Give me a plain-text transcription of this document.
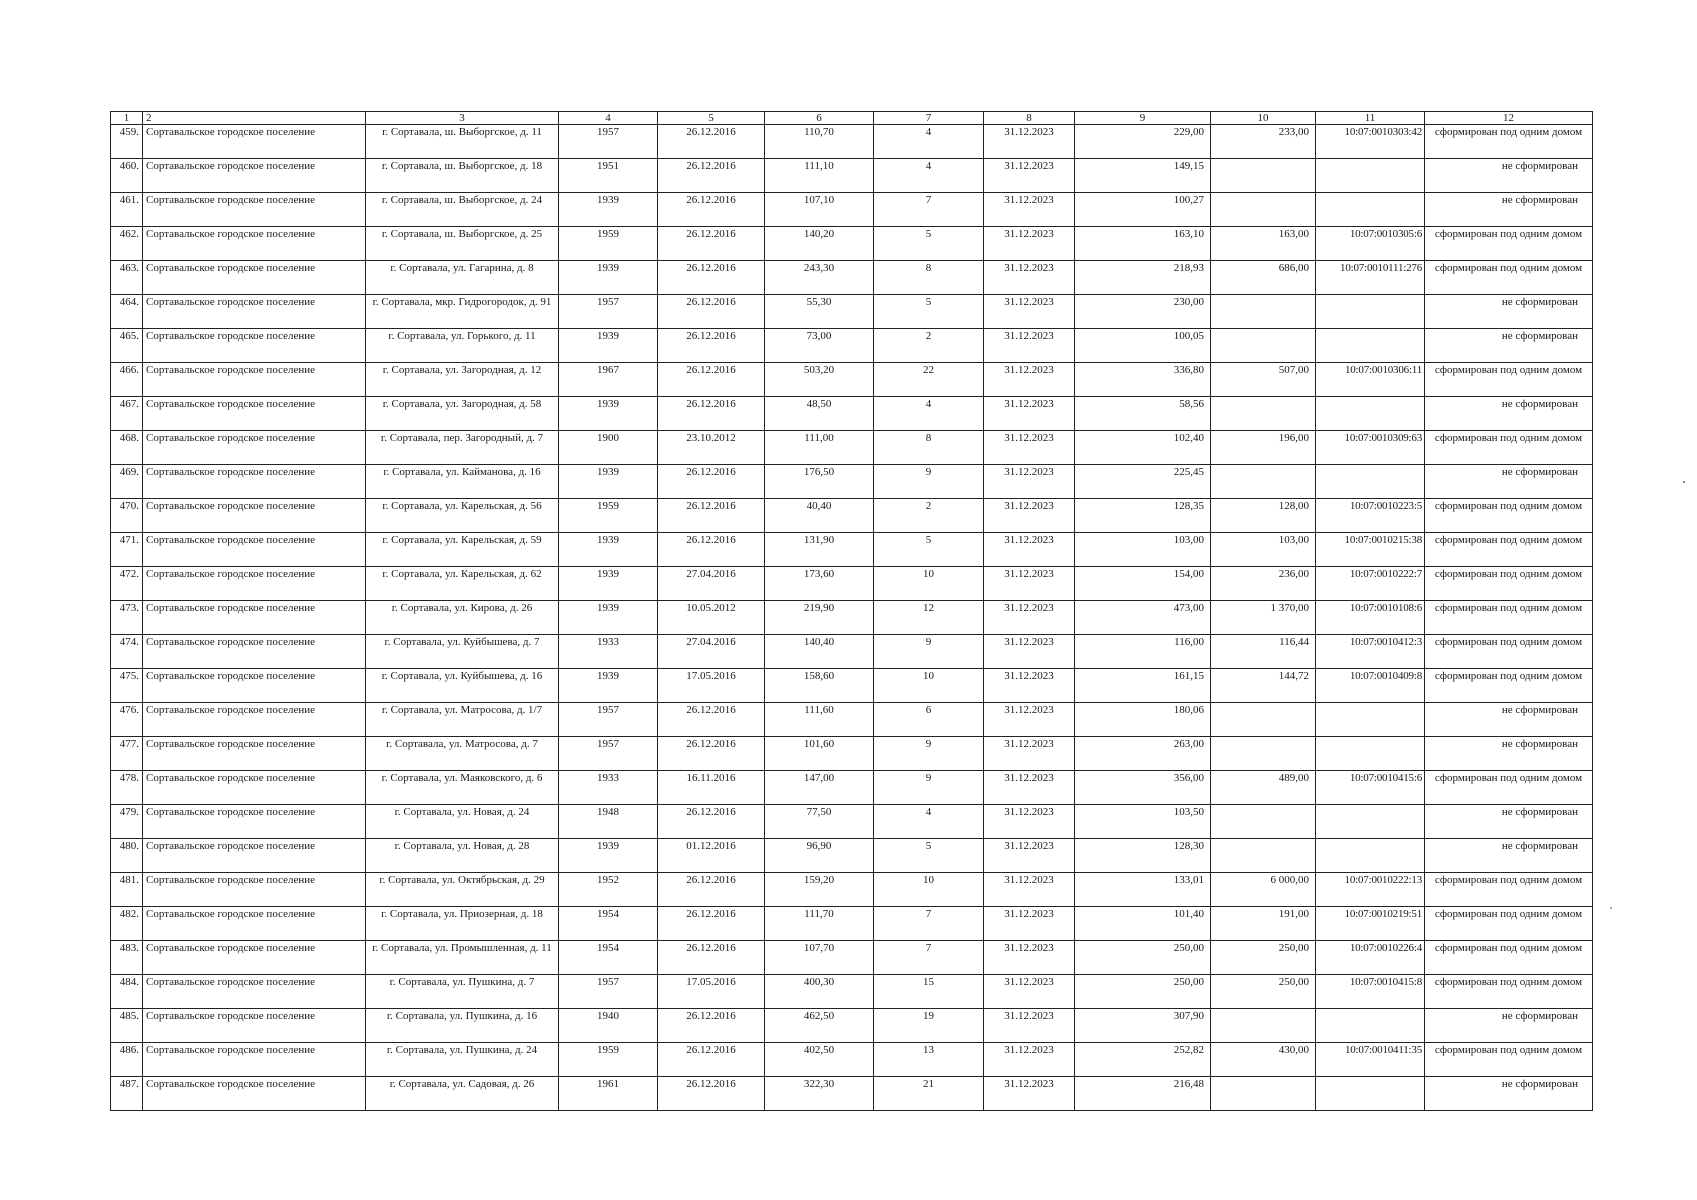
1	2	3	4	5	6	7	8	9	10	11	12
459.	Сортавальское городское поселение	г. Сортавала, ш. Выборгское, д. 11	1957	26.12.2016	110,70	4	31.12.2023	229,00	233,00	10:07:0010303:42	сформирован под одним домом
460.	Сортавальское городское поселение	г. Сортавала, ш. Выборгское, д. 18	1951	26.12.2016	111,10	4	31.12.2023	149,15			не сформирован
461.	Сортавальское городское поселение	г. Сортавала, ш. Выборгское, д. 24	1939	26.12.2016	107,10	7	31.12.2023	100,27			не сформирован
462.	Сортавальское городское поселение	г. Сортавала, ш. Выборгское, д. 25	1959	26.12.2016	140,20	5	31.12.2023	163,10	163,00	10:07:0010305:6	сформирован под одним домом
463.	Сортавальское городское поселение	г. Сортавала, ул. Гагарина, д. 8	1939	26.12.2016	243,30	8	31.12.2023	218,93	686,00	10:07:0010111:276	сформирован под одним домом
464.	Сортавальское городское поселение	г. Сортавала, мкр. Гидрогородок, д. 91	1957	26.12.2016	55,30	5	31.12.2023	230,00			не сформирован
465.	Сортавальское городское поселение	г. Сортавала, ул. Горького, д. 11	1939	26.12.2016	73,00	2	31.12.2023	100,05			не сформирован
466.	Сортавальское городское поселение	г. Сортавала, ул. Загородная, д. 12	1967	26.12.2016	503,20	22	31.12.2023	336,80	507,00	10:07:0010306:11	сформирован под одним домом
467.	Сортавальское городское поселение	г. Сортавала, ул. Загородная, д. 58	1939	26.12.2016	48,50	4	31.12.2023	58,56			не сформирован
468.	Сортавальское городское поселение	г. Сортавала, пер. Загородный, д. 7	1900	23.10.2012	111,00	8	31.12.2023	102,40	196,00	10:07:0010309:63	сформирован под одним домом
469.	Сортавальское городское поселение	г. Сортавала, ул. Кайманова, д. 16	1939	26.12.2016	176,50	9	31.12.2023	225,45			не сформирован
470.	Сортавальское городское поселение	г. Сортавала, ул. Карельская, д. 56	1959	26.12.2016	40,40	2	31.12.2023	128,35	128,00	10:07:0010223:5	сформирован под одним домом
471.	Сортавальское городское поселение	г. Сортавала, ул. Карельская, д. 59	1939	26.12.2016	131,90	5	31.12.2023	103,00	103,00	10:07:0010215:38	сформирован под одним домом
472.	Сортавальское городское поселение	г. Сортавала, ул. Карельская, д. 62	1939	27.04.2016	173,60	10	31.12.2023	154,00	236,00	10:07:0010222:7	сформирован под одним домом
473.	Сортавальское городское поселение	г. Сортавала, ул. Кирова, д. 26	1939	10.05.2012	219,90	12	31.12.2023	473,00	1 370,00	10:07:0010108:6	сформирован под одним домом
474.	Сортавальское городское поселение	г. Сортавала, ул. Куйбышева, д. 7	1933	27.04.2016	140,40	9	31.12.2023	116,00	116,44	10:07:0010412:3	сформирован под одним домом
475.	Сортавальское городское поселение	г. Сортавала, ул. Куйбышева, д. 16	1939	17.05.2016	158,60	10	31.12.2023	161,15	144,72	10:07:0010409:8	сформирован под одним домом
476.	Сортавальское городское поселение	г. Сортавала, ул. Матросова, д. 1/7	1957	26.12.2016	111,60	6	31.12.2023	180,06			не сформирован
477.	Сортавальское городское поселение	г. Сортавала, ул. Матросова, д. 7	1957	26.12.2016	101,60	9	31.12.2023	263,00			не сформирован
478.	Сортавальское городское поселение	г. Сортавала, ул. Маяковского, д. 6	1933	16.11.2016	147,00	9	31.12.2023	356,00	489,00	10:07:0010415:6	сформирован под одним домом
479.	Сортавальское городское поселение	г. Сортавала, ул. Новая, д. 24	1948	26.12.2016	77,50	4	31.12.2023	103,50			не сформирован
480.	Сортавальское городское поселение	г. Сортавала, ул. Новая, д. 28	1939	01.12.2016	96,90	5	31.12.2023	128,30			не сформирован
481.	Сортавальское городское поселение	г. Сортавала, ул. Октябрьская, д. 29	1952	26.12.2016	159,20	10	31.12.2023	133,01	6 000,00	10:07:0010222:13	сформирован под одним домом
482.	Сортавальское городское поселение	г. Сортавала, ул. Приозерная, д. 18	1954	26.12.2016	111,70	7	31.12.2023	101,40	191,00	10:07:0010219:51	сформирован под одним домом
483.	Сортавальское городское поселение	г. Сортавала, ул. Промышленная, д. 11	1954	26.12.2016	107,70	7	31.12.2023	250,00	250,00	10:07:0010226:4	сформирован под одним домом
484.	Сортавальское городское поселение	г. Сортавала, ул. Пушкина, д. 7	1957	17.05.2016	400,30	15	31.12.2023	250,00	250,00	10:07:0010415:8	сформирован под одним домом
485.	Сортавальское городское поселение	г. Сортавала, ул. Пушкина, д. 16	1940	26.12.2016	462,50	19	31.12.2023	307,90			не сформирован
486.	Сортавальское городское поселение	г. Сортавала, ул. Пушкина, д. 24	1959	26.12.2016	402,50	13	31.12.2023	252,82	430,00	10:07:0010411:35	сформирован под одним домом
487.	Сортавальское городское поселение	г. Сортавала, ул. Садовая, д. 26	1961	26.12.2016	322,30	21	31.12.2023	216,48			не сформирован
